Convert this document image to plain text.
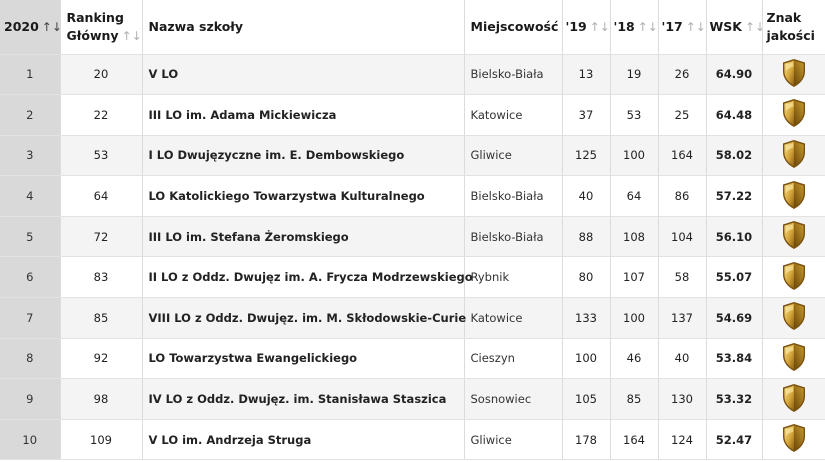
2020 ↑↓	Ranking Główny ↑↓	Nazwa szkoły	Miejscowość	'19 ↑↓	'18 ↑↓	'17 ↑↓	WSK ↑↓	Znak jakości
1	20	V LO	Bielsko-Biała	13	19	26	64.90	
2	22	III LO im. Adama Mickiewicza	Katowice	37	53	25	64.48	
3	53	I LO Dwujęzyczne im. E. Dembowskiego	Gliwice	125	100	164	58.02	
4	64	LO Katolickiego Towarzystwa Kulturalnego	Bielsko-Biała	40	64	86	57.22	
5	72	III LO im. Stefana Żeromskiego	Bielsko-Biała	88	108	104	56.10	
6	83	II LO z Oddz. Dwujęz im. A. Frycza Modrzewskiego	Rybnik	80	107	58	55.07	
7	85	VIII LO z Oddz. Dwujęz. im. M. Skłodowskie-Curie	Katowice	133	100	137	54.69	
8	92	LO Towarzystwa Ewangelickiego	Cieszyn	100	46	40	53.84	
9	98	IV LO z Oddz. Dwujęz. im. Stanisława Staszica	Sosnowiec	105	85	130	53.32	
10	109	V LO im. Andrzeja Struga	Gliwice	178	164	124	52.47	
